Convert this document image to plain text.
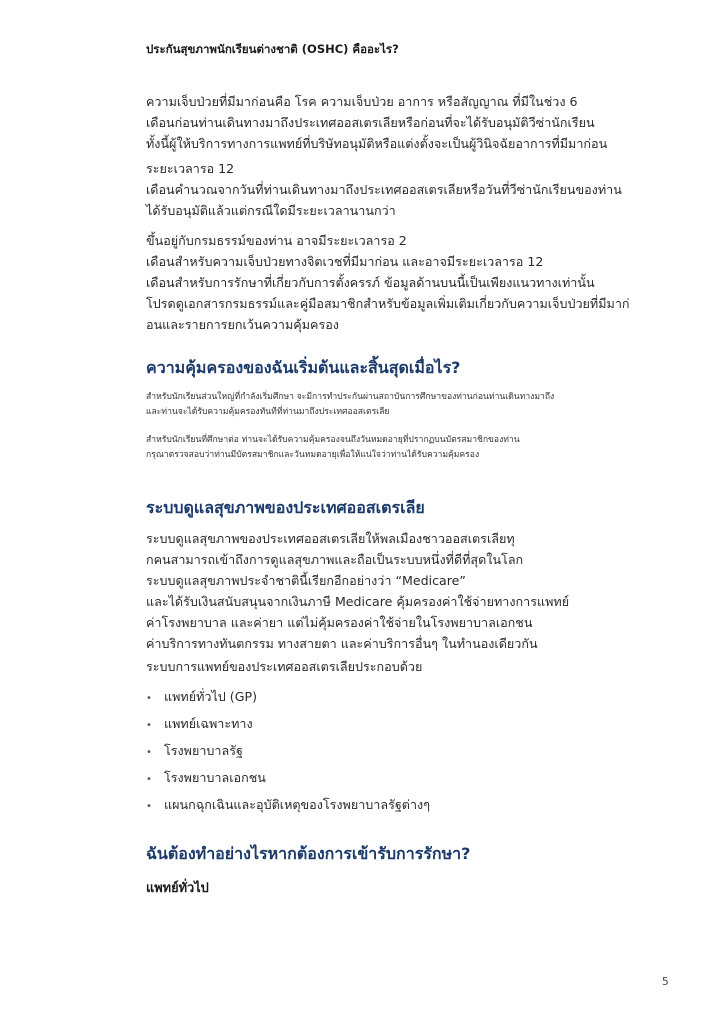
ประกันสุขภาพนักเรียนต่างชาติ (OSHC) คืออะไร?
ความเจ็บป่วยที่มีมาก่อนคือ โรค ความเจ็บป่วย อาการ หรือสัญญาณ ที่มีในช่วง 6
เดือนก่อนท่านเดินทางมาถึงประเทศออสเตรเลียหรือก่อนที่จะได้รับอนุมัติวีซ่านักเรียน
ทั้งนี้ผู้ให้บริการทางการแพทย์ที่บริษัทอนุมัติหรือแต่งตั้งจะเป็นผู้วินิจฉัยอาการที่มีมาก่อน
ระยะเวลารอ 12
เดือนคำนวณจากวันที่ท่านเดินทางมาถึงประเทศออสเตรเลียหรือวันที่วีซ่านักเรียนของท่าน
ได้รับอนุมัติแล้วแต่กรณีใดมีระยะเวลานานกว่า
ขึ้นอยู่กับกรมธรรม์ของท่าน อาจมีระยะเวลารอ 2
เดือนสำหรับความเจ็บป่วยทางจิตเวชที่มีมาก่อน และอาจมีระยะเวลารอ 12
เดือนสำหรับการรักษาที่เกี่ยวกับการตั้งครรภ์ ข้อมูลด้านบนนี้เป็นเพียงแนวทางเท่านั้น
โปรดดูเอกสารกรมธรรม์และคู่มือสมาชิกสำหรับข้อมูลเพิ่มเติมเกี่ยวกับความเจ็บป่วยที่มีมาก่
อนและรายการยกเว้นความคุ้มครอง
ความคุ้มครองของฉันเริ่มต้นและสิ้นสุดเมื่อไร?
สำหรับนักเรียนส่วนใหญ่ที่กำลังเริ่มศึกษา จะมีการทำประกันผ่านสถาบันการศึกษาของท่านก่อนท่านเดินทางมาถึง
และท่านจะได้รับความคุ้มครองทันทีที่ท่านมาถึงประเทศออสเตรเลีย
สำหรับนักเรียนที่ศึกษาต่อ ท่านจะได้รับความคุ้มครองจนถึงวันหมดอายุที่ปรากฏบนบัตรสมาชิกของท่าน
กรุณาตรวจสอบว่าท่านมีบัตรสมาชิกและวันหมดอายุเพื่อให้แน่ใจว่าท่านได้รับความคุ้มครอง
ระบบดูแลสุขภาพของประเทศออสเตรเลีย
ระบบดูแลสุขภาพของประเทศออสเตรเลียให้พลเมืองชาวออสเตรเลียทุ
กคนสามารถเข้าถึงการดูแลสุขภาพและถือเป็นระบบหนึ่งที่ดีที่สุดในโลก
ระบบดูแลสุขภาพประจำชาตินี้เรียกอีกอย่างว่า “Medicare”
และได้รับเงินสนับสนุนจากเงินภาษี Medicare คุ้มครองค่าใช้จ่ายทางการแพทย์
ค่าโรงพยาบาล และค่ายา แต่ไม่คุ้มครองค่าใช้จ่ายในโรงพยาบาลเอกชน
ค่าบริการทางทันตกรรม ทางสายตา และค่าบริการอื่นๆ ในทำนองเดียวกัน
ระบบการแพทย์ของประเทศออสเตรเลียประกอบด้วย
• แพทย์ทั่วไป (GP)
• แพทย์เฉพาะทาง
• โรงพยาบาลรัฐ
• โรงพยาบาลเอกชน
• แผนกฉุกเฉินและอุบัติเหตุของโรงพยาบาลรัฐต่างๆ
ฉันต้องทำอย่างไรหากต้องการเข้ารับการรักษา?
แพทย์ทั่วไป
5
